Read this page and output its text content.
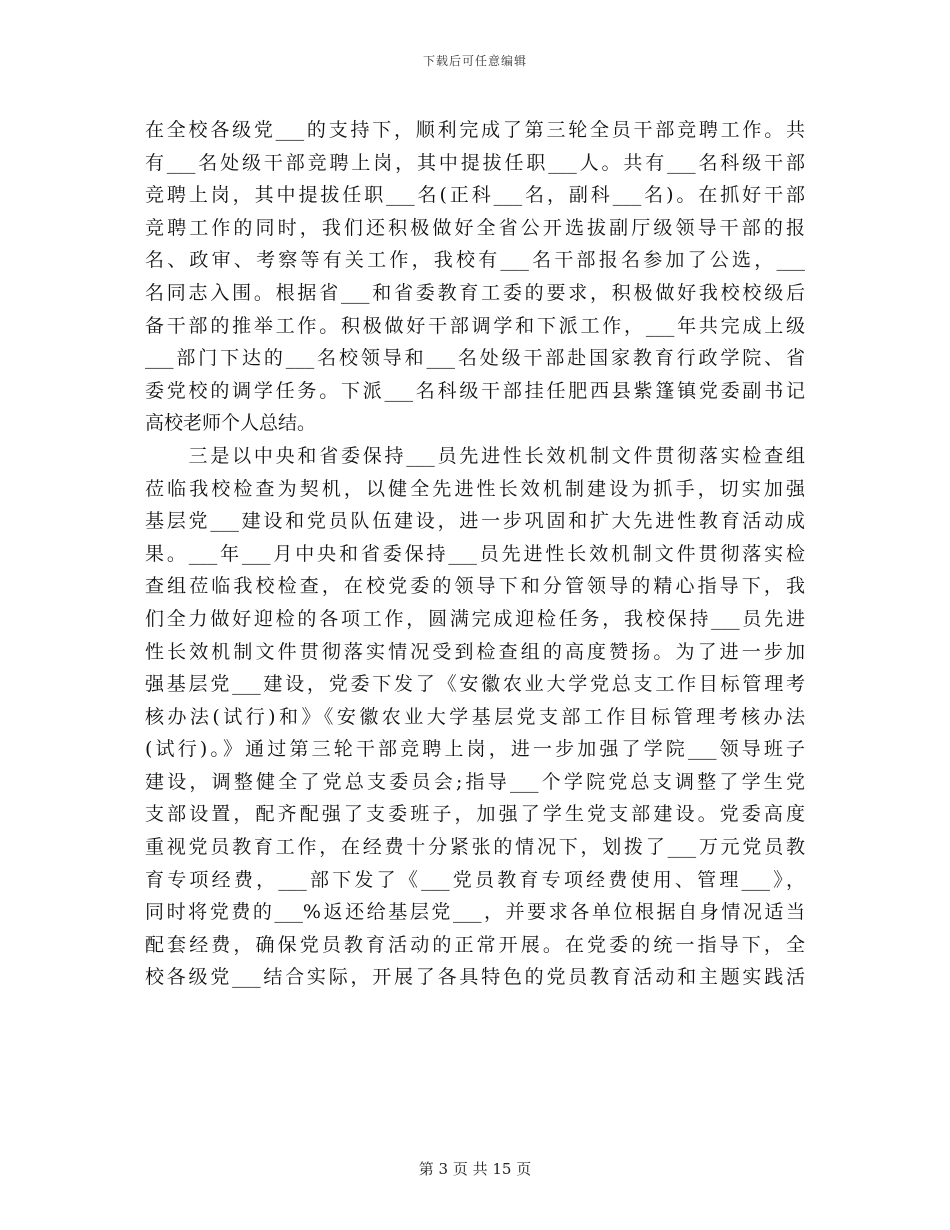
下载后可任意编辑
在全校各级党___的支持下，顺利完成了第三轮全员干部竞聘工作。共
有___名处级干部竞聘上岗，其中提拔任职___人。共有___名科级干部
竞聘上岗，其中提拔任职___名(正科___名，副科___名)。在抓好干部
竞聘工作的同时，我们还积极做好全省公开选拔副厅级领导干部的报
名、政审、考察等有关工作，我校有___名干部报名参加了公选，___
名同志入围。根据省___和省委教育工委的要求，积极做好我校校级后
备干部的推举工作。积极做好干部调学和下派工作，___年共完成上级
___部门下达的___名校领导和___名处级干部赴国家教育行政学院、省
委党校的调学任务。下派___名科级干部挂任肥西县紫篷镇党委副书记
高校老师个人总结。
　　三是以中央和省委保持___员先进性长效机制文件贯彻落实检查组
莅临我校检查为契机，以健全先进性长效机制建设为抓手，切实加强
基层党___建设和党员队伍建设，进一步巩固和扩大先进性教育活动成
果。___年___月中央和省委保持___员先进性长效机制文件贯彻落实检
查组莅临我校检查，在校党委的领导下和分管领导的精心指导下，我
们全力做好迎检的各项工作，圆满完成迎检任务，我校保持___员先进
性长效机制文件贯彻落实情况受到检查组的高度赞扬。为了进一步加
强基层党___建设，党委下发了《安徽农业大学党总支工作目标管理考
核办法(试行)和》《安徽农业大学基层党支部工作目标管理考核办法
(试行)。》通过第三轮干部竞聘上岗，进一步加强了学院___领导班子
建设，调整健全了党总支委员会;指导___个学院党总支调整了学生党
支部设置，配齐配强了支委班子，加强了学生党支部建设。党委高度
重视党员教育工作，在经费十分紧张的情况下，划拨了___万元党员教
育专项经费，___部下发了《___党员教育专项经费使用、管理___》，
同时将党费的___%返还给基层党___，并要求各单位根据自身情况适当
配套经费，确保党员教育活动的正常开展。在党委的统一指导下，全
校各级党___结合实际，开展了各具特色的党员教育活动和主题实践活
第 3 页 共 15 页
